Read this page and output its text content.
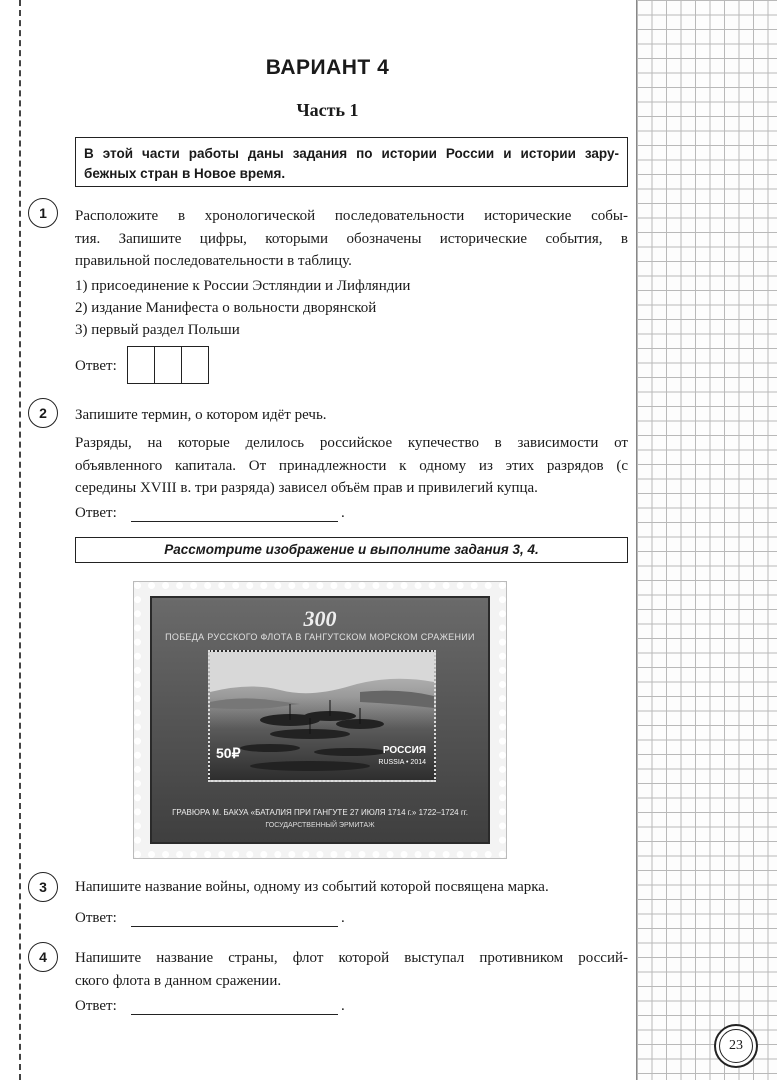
ВАРИАНТ 4
Часть 1
В этой части работы даны задания по истории России и истории зару-
бежных стран в Новое время.
1	Расположите в хронологической последовательности исторические собы-
тия. Запишите цифры, которыми обозначены исторические события, в
правильной последовательности в таблицу.
1) присоединение к России Эстляндии и Лифляндии
2) издание Манифеста о вольности дворянской
3) первый раздел Польши
Ответ:
2	Запишите термин, о котором идёт речь.
Разряды, на которые делилось российское купечество в зависимости от
объявленного капитала. От принадлежности к одному из этих разрядов (с
середины XVIII в. три разряда) зависел объём прав и привилегий купца.
Ответ:	.
Рассмотрите изображение и выполните задания 3, 4.
300
ПОБЕДА РУССКОГО ФЛОТА В ГАНГУТСКОМ МОРСКОМ СРАЖЕНИИ
50₽	РОССИЯ
RUSSIA • 2014
ГРАВЮРА М. БАКУА «БАТАЛИЯ ПРИ ГАНГУТЕ 27 ИЮЛЯ 1714 г.» 1722–1724 гг.
ГОСУДАРСТВЕННЫЙ ЭРМИТАЖ
3	Напишите название войны, одному из событий которой посвящена марка.
Ответ:	.
4	Напишите название страны, флот которой выступал противником россий-
ского флота в данном сражении.
Ответ:	.
23
